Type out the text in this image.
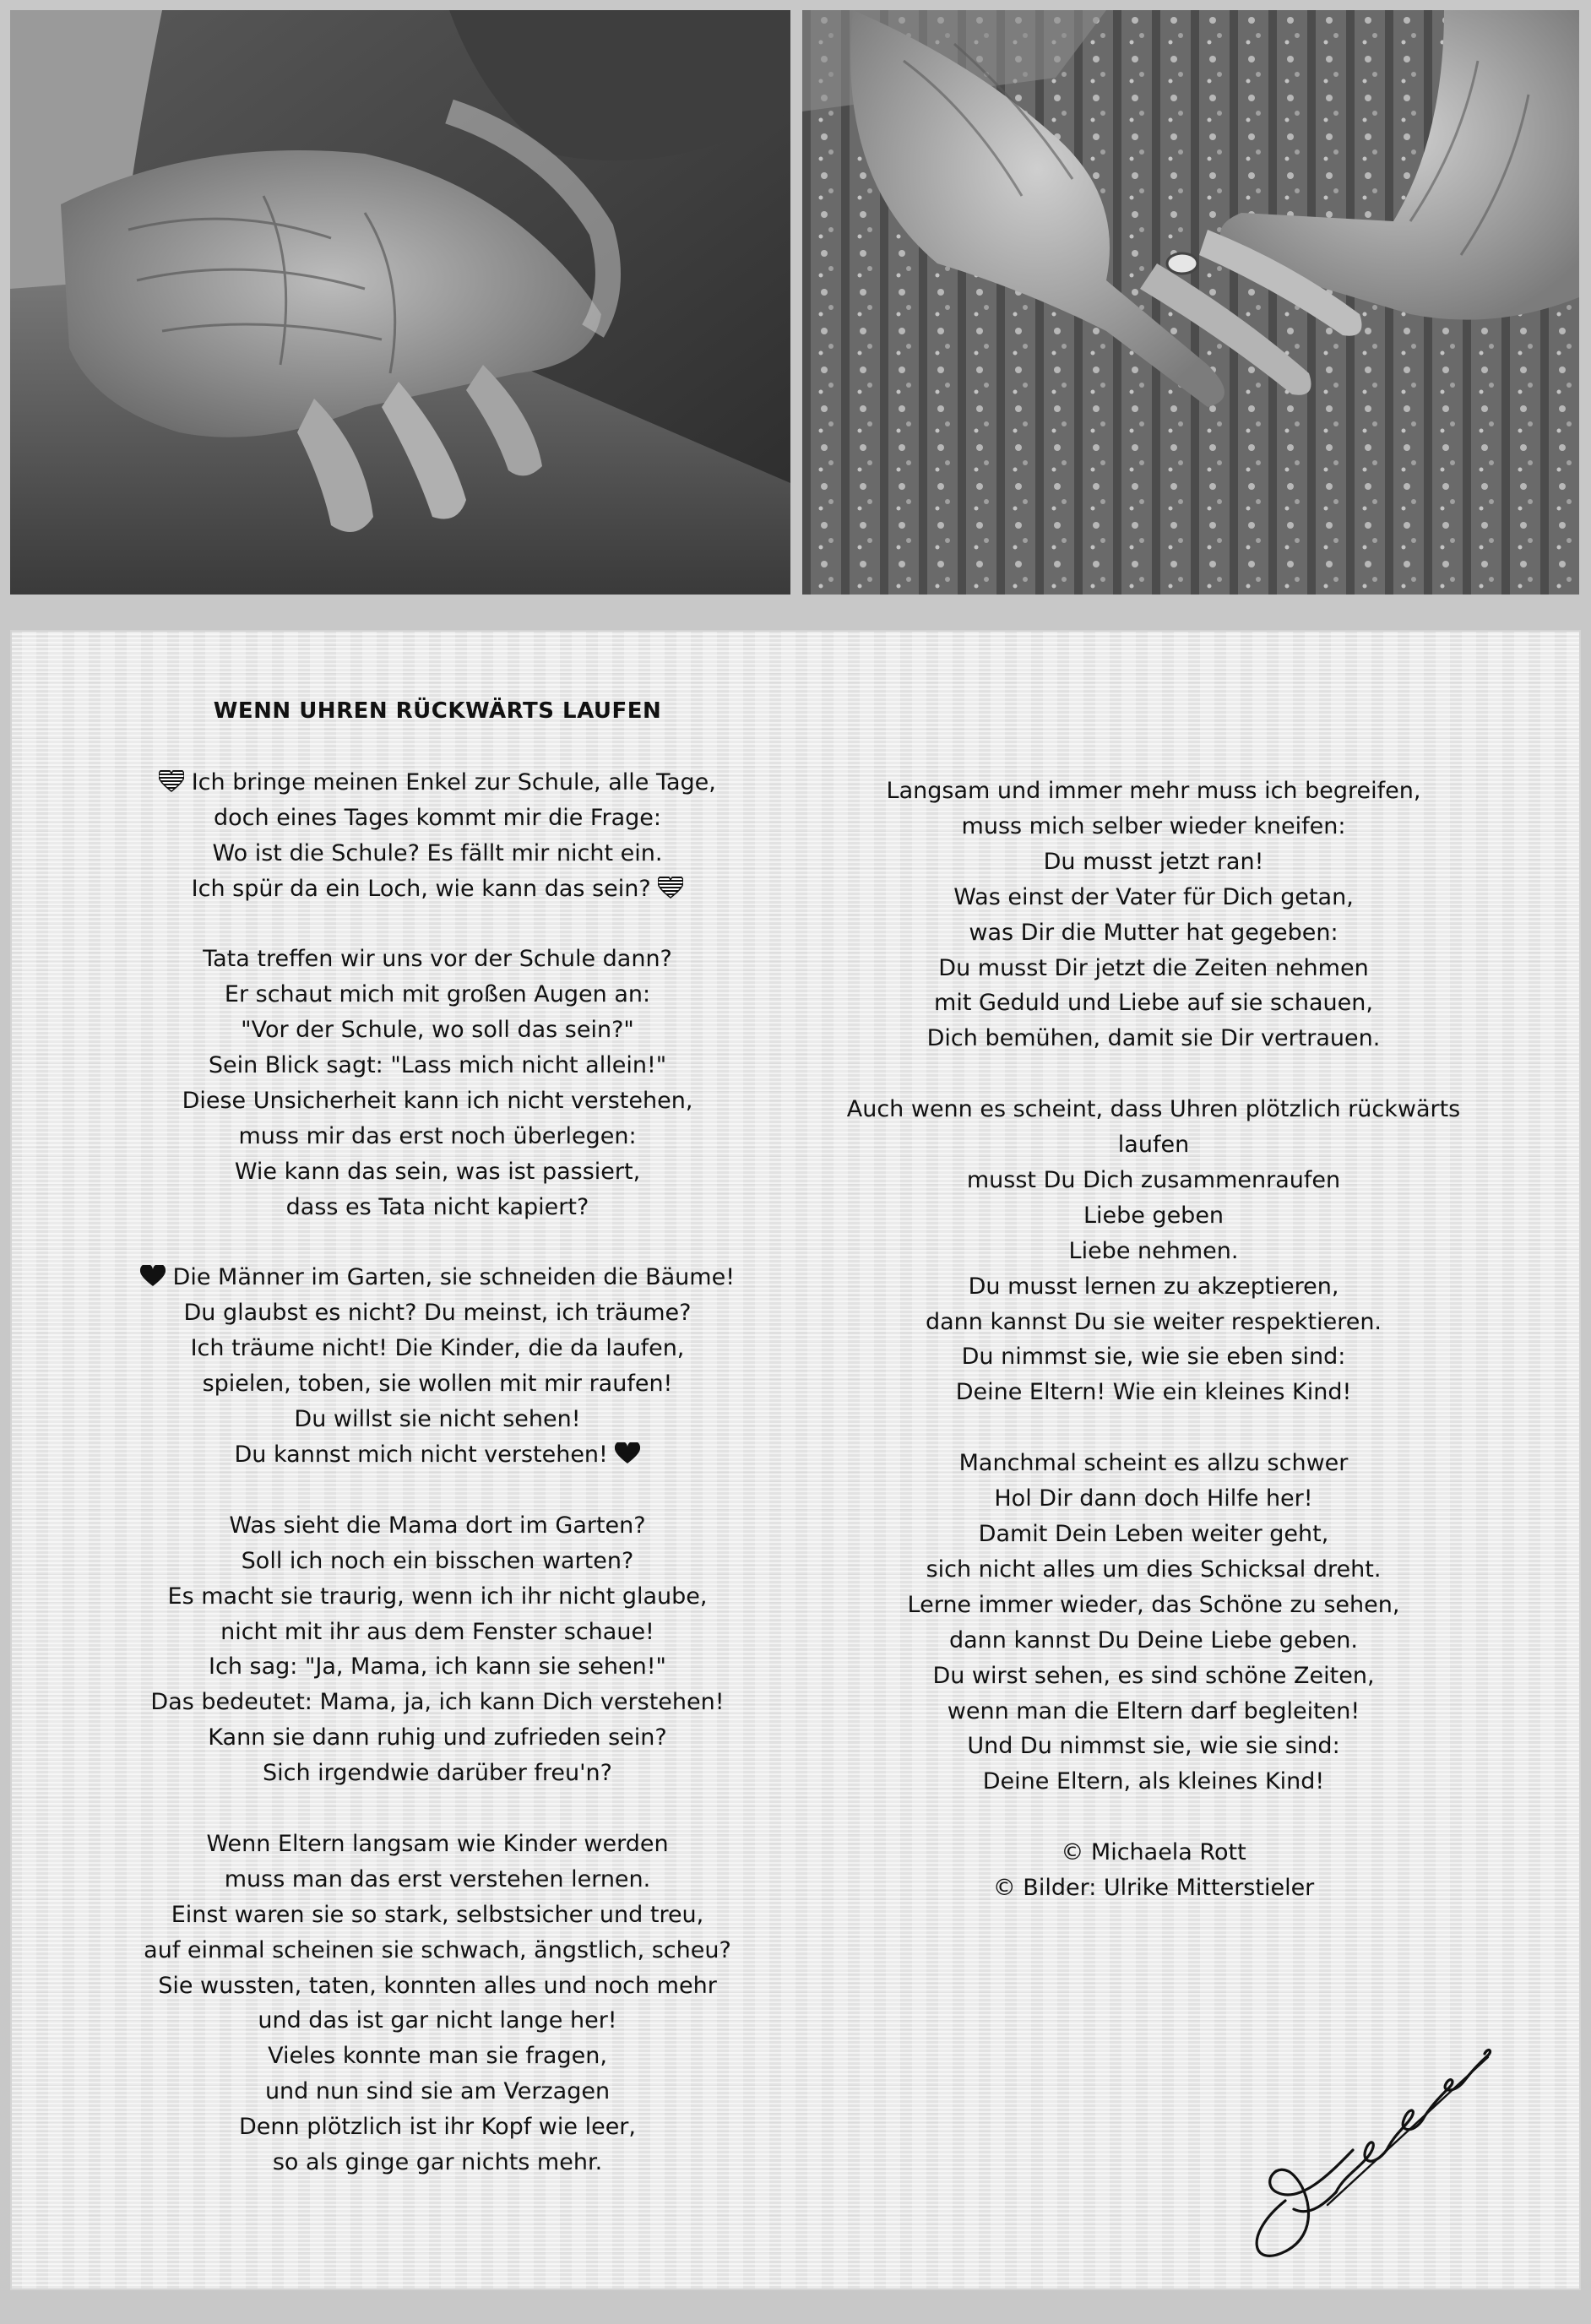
WENN UHREN RÜCKWÄRTS LAUFEN
Ich bringe meinen Enkel zur Schule, alle Tage,
doch eines Tages kommt mir die Frage:
Wo ist die Schule? Es fällt mir nicht ein.
Ich spür da ein Loch, wie kann das sein?
Tata treffen wir uns vor der Schule dann?
Er schaut mich mit großen Augen an:
"Vor der Schule, wo soll das sein?"
Sein Blick sagt: "Lass mich nicht allein!"
Diese Unsicherheit kann ich nicht verstehen,
muss mir das erst noch überlegen:
Wie kann das sein, was ist passiert,
dass es Tata nicht kapiert?
Die Männer im Garten, sie schneiden die Bäume!
Du glaubst es nicht? Du meinst, ich träume?
Ich träume nicht! Die Kinder, die da laufen,
spielen, toben, sie wollen mit mir raufen!
Du willst sie nicht sehen!
Du kannst mich nicht verstehen!
Was sieht die Mama dort im Garten?
Soll ich noch ein bisschen warten?
Es macht sie traurig, wenn ich ihr nicht glaube,
nicht mit ihr aus dem Fenster schaue!
Ich sag: "Ja, Mama, ich kann sie sehen!"
Das bedeutet: Mama, ja, ich kann Dich verstehen!
Kann sie dann ruhig und zufrieden sein?
Sich irgendwie darüber freu'n?
Wenn Eltern langsam wie Kinder werden
muss man das erst verstehen lernen.
Einst waren sie so stark, selbstsicher und treu,
auf einmal scheinen sie schwach, ängstlich, scheu?
Sie wussten, taten, konnten alles und noch mehr
und das ist gar nicht lange her!
Vieles konnte man sie fragen,
und nun sind sie am Verzagen
Denn plötzlich ist ihr Kopf wie leer,
so als ginge gar nichts mehr.
Langsam und immer mehr muss ich begreifen,
muss mich selber wieder kneifen:
Du musst jetzt ran!
Was einst der Vater für Dich getan,
was Dir die Mutter hat gegeben:
Du musst Dir jetzt die Zeiten nehmen
mit Geduld und Liebe auf sie schauen,
Dich bemühen, damit sie Dir vertrauen.
Auch wenn es scheint, dass Uhren plötzlich rückwärts
laufen
musst Du Dich zusammenraufen
Liebe geben
Liebe nehmen.
Du musst lernen zu akzeptieren,
dann kannst Du sie weiter respektieren.
Du nimmst sie, wie sie eben sind:
Deine Eltern! Wie ein kleines Kind!
Manchmal scheint es allzu schwer
Hol Dir dann doch Hilfe her!
Damit Dein Leben weiter geht,
sich nicht alles um dies Schicksal dreht.
Lerne immer wieder, das Schöne zu sehen,
dann kannst Du Deine Liebe geben.
Du wirst sehen, es sind schöne Zeiten,
wenn man die Eltern darf begleiten!
Und Du nimmst sie, wie sie sind:
Deine Eltern, als kleines Kind!
© Michaela Rott
© Bilder: Ulrike Mitterstieler
